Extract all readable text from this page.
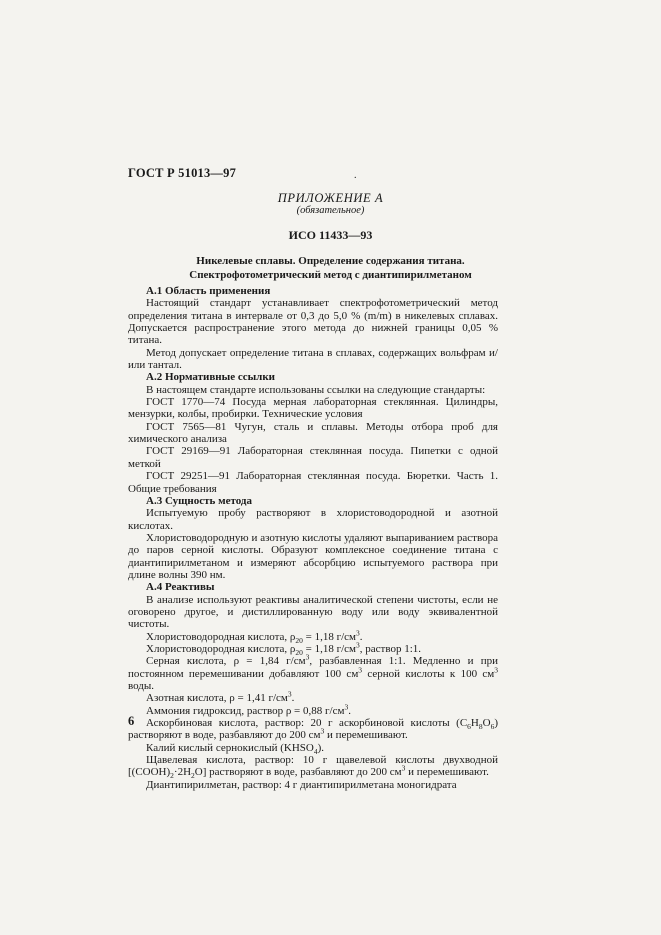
ГОСТ Р 51013—97	.
ПРИЛОЖЕНИЕ А
(обязательное)
ИСО 11433—93
Никелевые сплавы. Определение содержания титана.
Спектрофотометрический метод с диантипирилметаном

А.1 Область применения

Настоящий стандарт устанавливает спектрофотометрический метод определения титана в интервале от 0,3 до 5,0 % (m/m) в никелевых сплавах. Допускается распространение этого метода до нижней границы 0,05 % титана.

Метод допускает определение титана в сплавах, содержащих вольфрам и/или тантал.

А.2 Нормативные ссылки

В настоящем стандарте использованы ссылки на следующие стандарты:

ГОСТ 1770—74 Посуда мерная лабораторная стеклянная. Цилиндры, мензурки, колбы, пробирки. Технические условия

ГОСТ 7565—81 Чугун, сталь и сплавы. Методы отбора проб для химического анализа

ГОСТ 29169—91 Лабораторная стеклянная посуда. Пипетки с одной меткой

ГОСТ 29251—91 Лабораторная стеклянная посуда. Бюретки. Часть 1. Общие требования

А.3 Сущность метода

Испытуемую пробу растворяют в хлористоводородной и азотной кислотах.

Хлористоводородную и азотную кислоты удаляют выпариванием раствора до паров серной кислоты. Образуют комплексное соединение титана с диантипирилметаном и измеряют абсорбцию испытуемого раствора при длине волны 390 нм.

А.4 Реактивы

В анализе используют реактивы аналитической степени чистоты, если не оговорено другое, и дистиллированную воду или воду эквивалентной чистоты.

Хлористоводородная кислота, $\rho_{20} = 1,18$ $г/см^3$.

Хлористоводородная кислота, $\rho_{20} = 1,18$ $г/см^3$, раствор 1:1.

Серная кислота, ρ = 1,84 $г/см^3$, разбавленная 1:1. Медленно и при постоянном перемешивании добавляют 100 $см^3$ серной кислоты к 100 $см^3$ воды.

Азотная кислота, ρ = 1,41 $г/см^3$.

Аммония гидроксид, раствор ρ = 0,88 $г/см^3$.

Аскорбиновая кислота, раствор: 20 г аскорбиновой кислоты $(C_6H_8O_6)$ растворяют в воде, разбавляют до 200 $см^3$ и перемешивают.

Калий кислый сернокислый $(KHSO_4)$.

Щавелевая кислота, раствор: 10 г щавелевой кислоты двухводной $[(COOH)_2\cdot 2H_2O]$ растворяют в воде, разбавляют до 200 $см^3$ и перемешивают.

Диантипирилметан, раствор: 4 г диантипирилметана моногидрата

6
